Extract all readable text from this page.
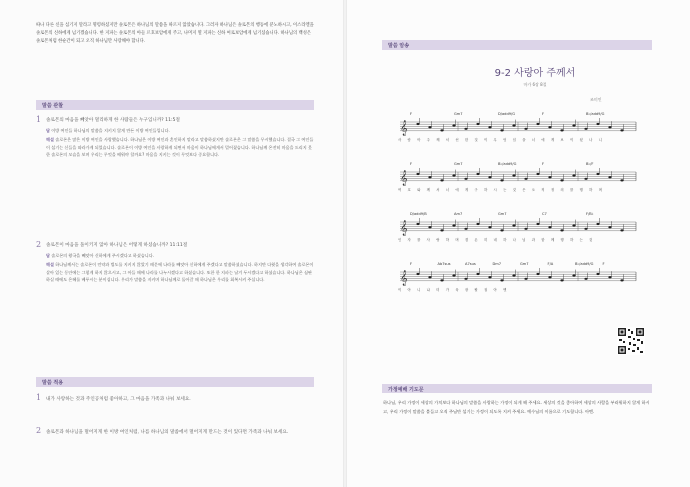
따나 다른 신을 섬기지 말라고 명령하셨지만 솔로몬은 하나님의 말씀을 따르지 않았습니다. 그러자 하나님은 솔로몬의 행동에 분노하시고, 이스라엘을 솔로몬의 신하에게 넘기겠습니다. 한 지파는 솔로몬의 아들 르호보암에게 주고, 나머지 열 지파는 신하 여로보암에게 넘기셨습니다. 하나님의 백성은 솔로몬처럼 한순간이 되고 오직 하나님만 사랑해야 합니다.
말씀 관찰
1 솔로몬의 마음을 빼앗아 멀리하게 한 사람들은 누구입니까? 11:5절
답 이방 여인들 하나님의 말씀을 지키지 않게 만든 이방 여인들입니다.
해설 솔로몬은 많은 이방 여인을 사랑했습니다. 하나님은 이방 여인과 혼인하지 말라고 말씀하셨지만 솔로몬은 그 말씀을 무시했습니다. 결국 그 여인들이 섬기는 신들을 따라가게 되었습니다. 솔로몬이 이방 여인을 사랑하게 되면서 마음이 하나님에게서 멀어졌습니다. 하나님께 온전히 마음을 드리지 못한 솔로몬의 모습을 보며 우리는 무엇을 배워야 할까요? 마음을 지키는 것이 무엇보다 중요합니다.
2 솔로몬이 마음을 돌이키지 않아 하나님은 어떻게 하셨습니까? 11:11절
답 솔로몬의 왕국을 빼앗아 신하에게 주시겠다고 하셨습니다.
해설 하나님께서는 솔로몬이 언약과 법도를 지키지 않았기 때문에 나라를 빼앗아 신하에게 주겠다고 말씀하셨습니다. 하지만 다윗을 생각하여 솔로몬이 살아 있는 동안에는 그렇게 하지 않으시고, 그 아들 때에 나라를 나누시겠다고 하셨습니다. 또한 한 지파는 남겨 두시겠다고 하셨습니다. 하나님은 심판하실 때에도 은혜를 베푸시는 분이십니다. 우리가 말씀을 지키며 하나님께로 돌아갈 때 하나님은 우리를 회복시켜 주십니다.
말씀 적용
1 내가 사랑하는 것과 주인공처럼 좋아하고, 그 마음을 가족과 나눠 보세요.
2 솔로몬과 하나님을 멀어지게 한 이방 여인처럼, 나를 하나님의 말씀에서 멀어지게 만드는 것이 있다면 가족과 나눠 보세요.
말씀 암송
9-2 사랑아 주께서
마가 6장 8절
조미인
F	Gm7	D/add9/G	F	B♭/add9/G
𝄞
사 람 아 주 께 서 선 한 것 이 무 엇 임 을 너 에 게 보 이 셨 나 니
F	Gm7	B♭/add9/G	F	B♭/F
𝄞
여 호 와 께 서 너 에 게 구 하 시 는 것 은 오 직 정 의 를 행 하 며
D/add9/B	Am7	Gm7	C7	F/B♭
𝄞
인 자 를 사 랑 하 며 겸 손 히 네 하 나 님 과 함 께 행 하 는 것
F	Ab7sus	A7sus	Dm7	Gm7	F/A	B♭/add9/G	F
𝄞
이 아 니 냐 미 가 육 장 팔 절 아 멘
가정예배 기도문
하나님, 우리 가정이 세상의 가치보다 하나님의 말씀을 사랑하는 가정이 되게 해 주세요. 세상의 것을 좋아하여 세상의 사람을 부러워하지 않게 하시고, 우리 가정이 말씀을 붙들고 오직 주님만 섬기는 가정이 되도록 지켜 주세요. 예수님의 이름으로 기도합니다. 아멘.
